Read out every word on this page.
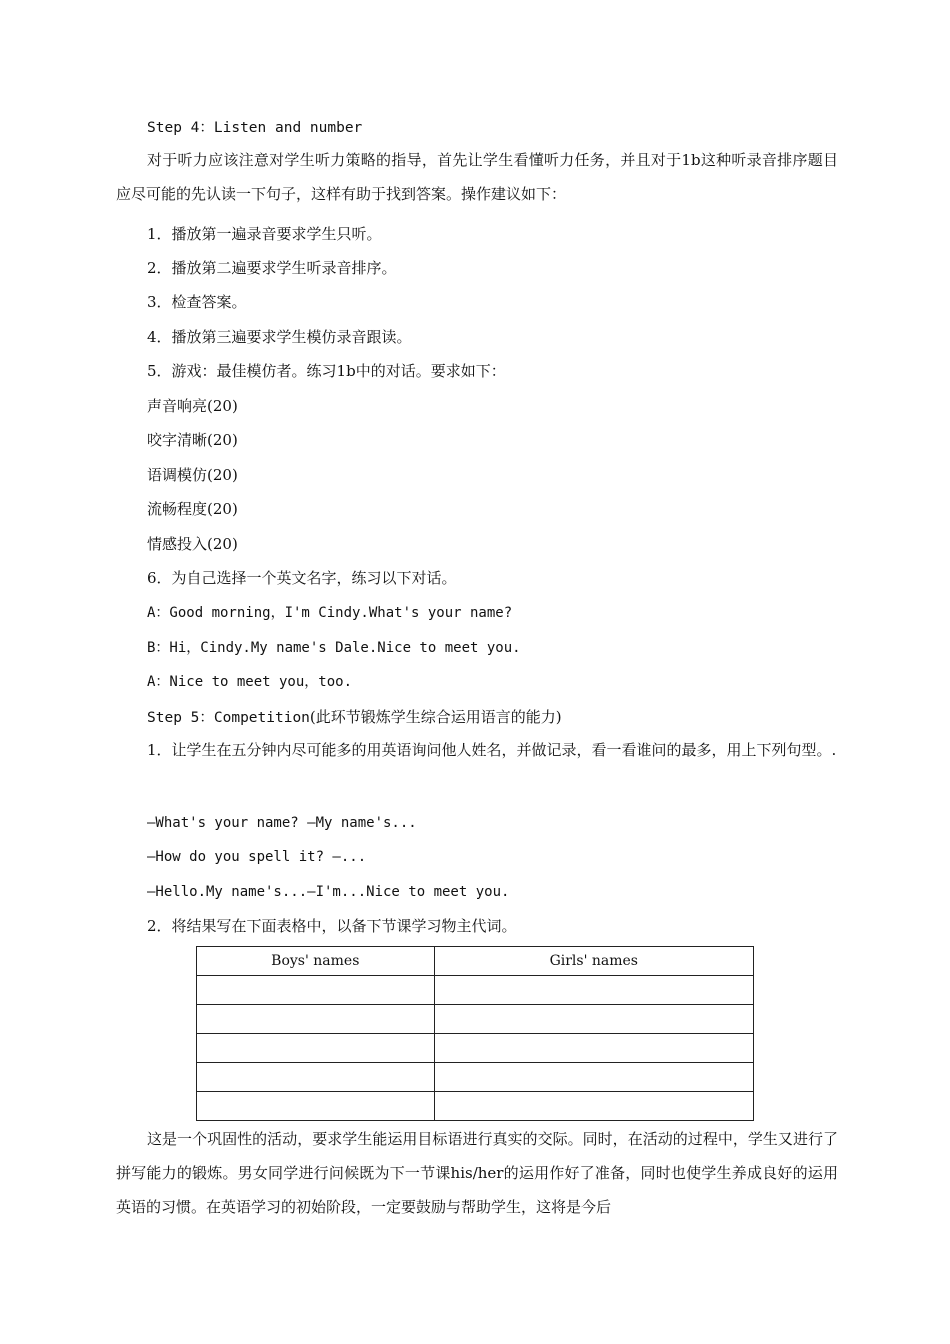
Step 4：Listen and number
对于听力应该注意对学生听力策略的指导，首先让学生看懂听力任务，并且对于1b这种听录音排序题目应尽可能的先认读一下句子，这样有助于找到答案。操作建议如下：
1．播放第一遍录音要求学生只听。
2．播放第二遍要求学生听录音排序。
3．检查答案。
4．播放第三遍要求学生模仿录音跟读。
5．游戏：最佳模仿者。练习1b中的对话。要求如下：
声音响亮(20)
咬字清晰(20)
语调模仿(20)
流畅程度(20)
情感投入(20)
6．为自己选择一个英文名字，练习以下对话。
A：Good morning，I'm Cindy.What's your name?
B：Hi，Cindy.My name's Dale.Nice to meet you.
A：Nice to meet you，too.
Step 5：Competition(此环节锻炼学生综合运用语言的能力)
1．让学生在五分钟内尽可能多的用英语询问他人姓名，并做记录，看一看谁问的最多，用上下列句型。.
—What's your name? —My name's...
—How do you spell it? —...
—Hello.My name's...—I'm...Nice to meet you.
2．将结果写在下面表格中，以备下节课学习物主代词。
Boys' names	Girls' names

这是一个巩固性的活动，要求学生能运用目标语进行真实的交际。同时，在活动的过程中，学生又进行了拼写能力的锻炼。男女同学进行问候既为下一节课his/her的运用作好了准备，同时也使学生养成良好的运用英语的习惯。在英语学习的初始阶段，一定要鼓励与帮助学生，这将是今后
